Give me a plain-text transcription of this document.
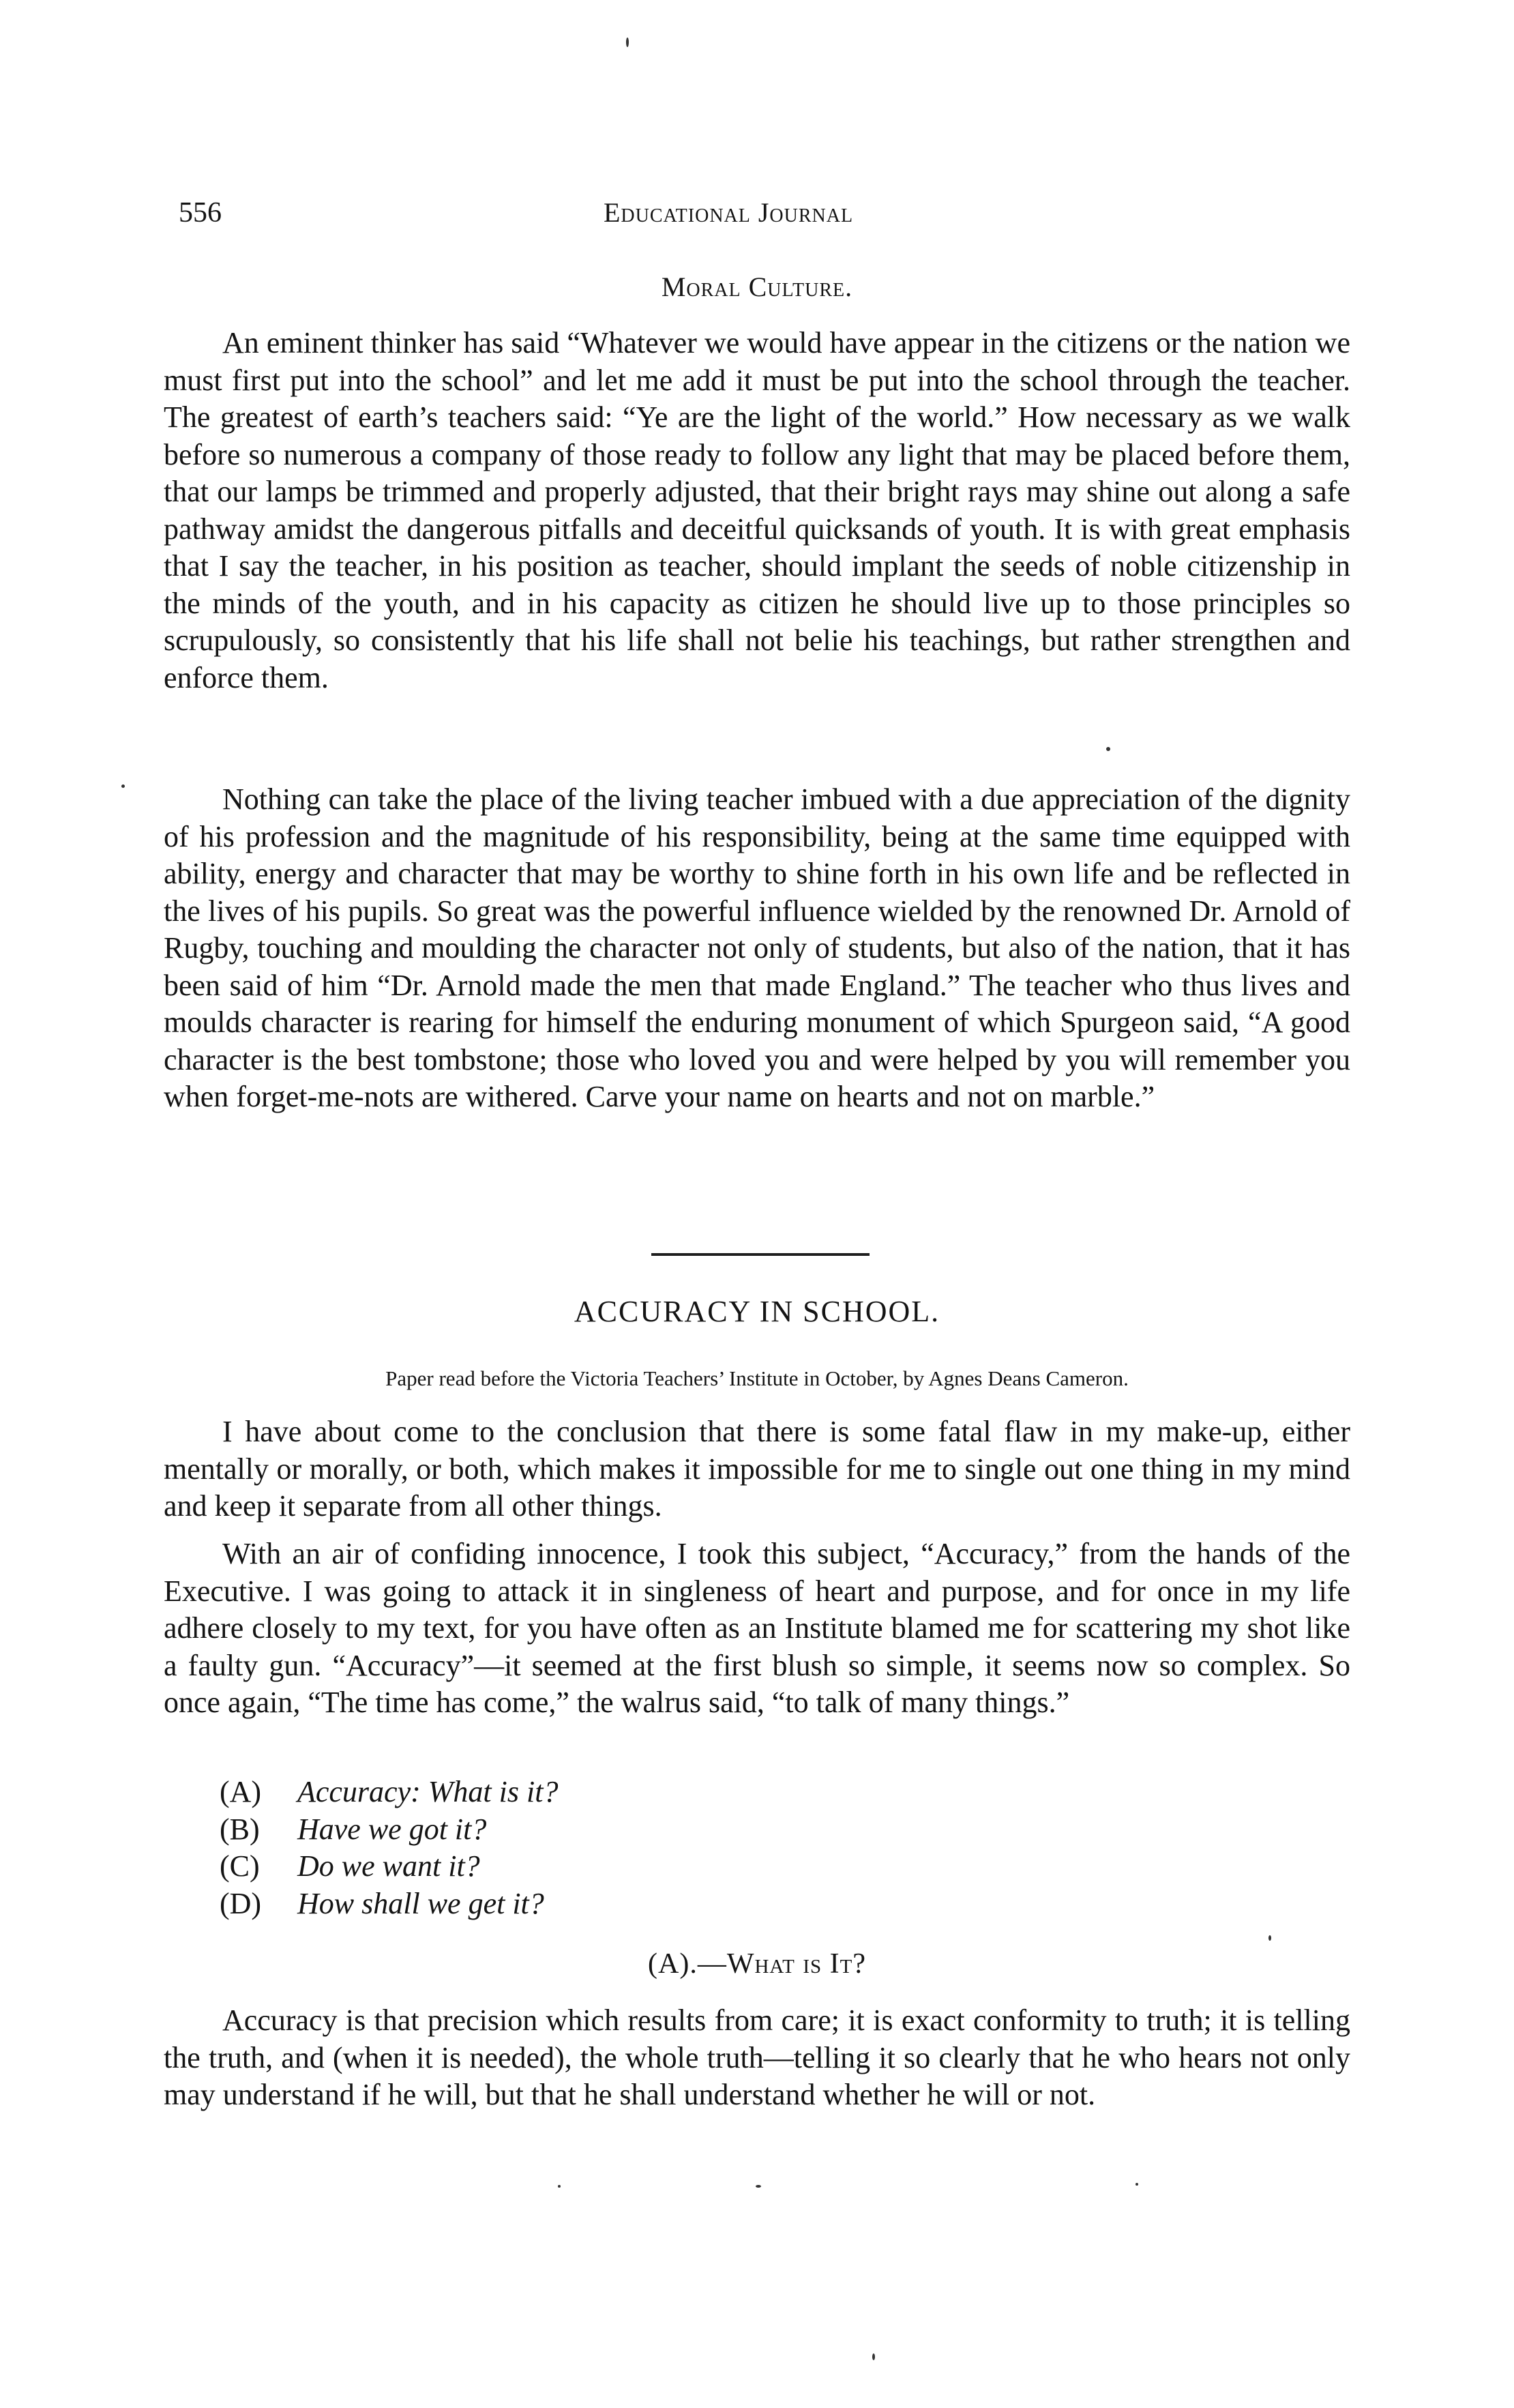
556	Educational Journal
Moral Culture.

An eminent thinker has said “Whatever we would have appear in the citizens or the nation we must first put into the school” and let me add it must be put into the school through the teacher. The greatest of earth’s teachers said: “Ye are the light of the world.” How necessary as we walk before so numerous a company of those ready to follow any light that may be placed before them, that our lamps be trimmed and properly adjusted, that their bright rays may shine out along a safe pathway amidst the dangerous pitfalls and deceitful quicksands of youth. It is with great emphasis that I say the teacher, in his position as teacher, should implant the seeds of noble citizenship in the minds of the youth, and in his capacity as citizen he should live up to those principles so scrupulously, so consistently that his life shall not belie his teachings, but rather strengthen and enforce them.

Nothing can take the place of the living teacher imbued with a due appreciation of the dignity of his profession and the magnitude of his responsibility, being at the same time equipped with ability, energy and character that may be worthy to shine forth in his own life and be reflected in the lives of his pupils. So great was the powerful influence wielded by the renowned Dr. Arnold of Rugby, touching and moulding the character not only of students, but also of the nation, that it has been said of him “Dr. Arnold made the men that made England.” The teacher who thus lives and moulds character is rearing for himself the enduring monument of which Spurgeon said, “A good character is the best tombstone; those who loved you and were helped by you will remember you when forget-me-nots are withered. Carve your name on hearts and not on marble.”

ACCURACY IN SCHOOL.
Paper read before the Victoria Teachers’ Institute in October, by Agnes Deans Cameron.

I have about come to the conclusion that there is some fatal flaw in my make-up, either mentally or morally, or both, which makes it impossible for me to single out one thing in my mind and keep it separate from all other things.

With an air of confiding innocence, I took this subject, “Accuracy,” from the hands of the Executive. I was going to attack it in singleness of heart and purpose, and for once in my life adhere closely to my text, for you have often as an Institute blamed me for scattering my shot like a faulty gun. “Accuracy”—it seemed at the first blush so simple, it seems now so complex. So once again, “The time has come,” the walrus said, “to talk of many things.”

(A) Accuracy: What is it?
(B) Have we got it?
(C) Do we want it?
(D) How shall we get it?
(A).—What is It?

Accuracy is that precision which results from care; it is exact conformity to truth; it is telling the truth, and (when it is needed), the whole truth—telling it so clearly that he who hears not only may understand if he will, but that he shall understand whether he will or not.
